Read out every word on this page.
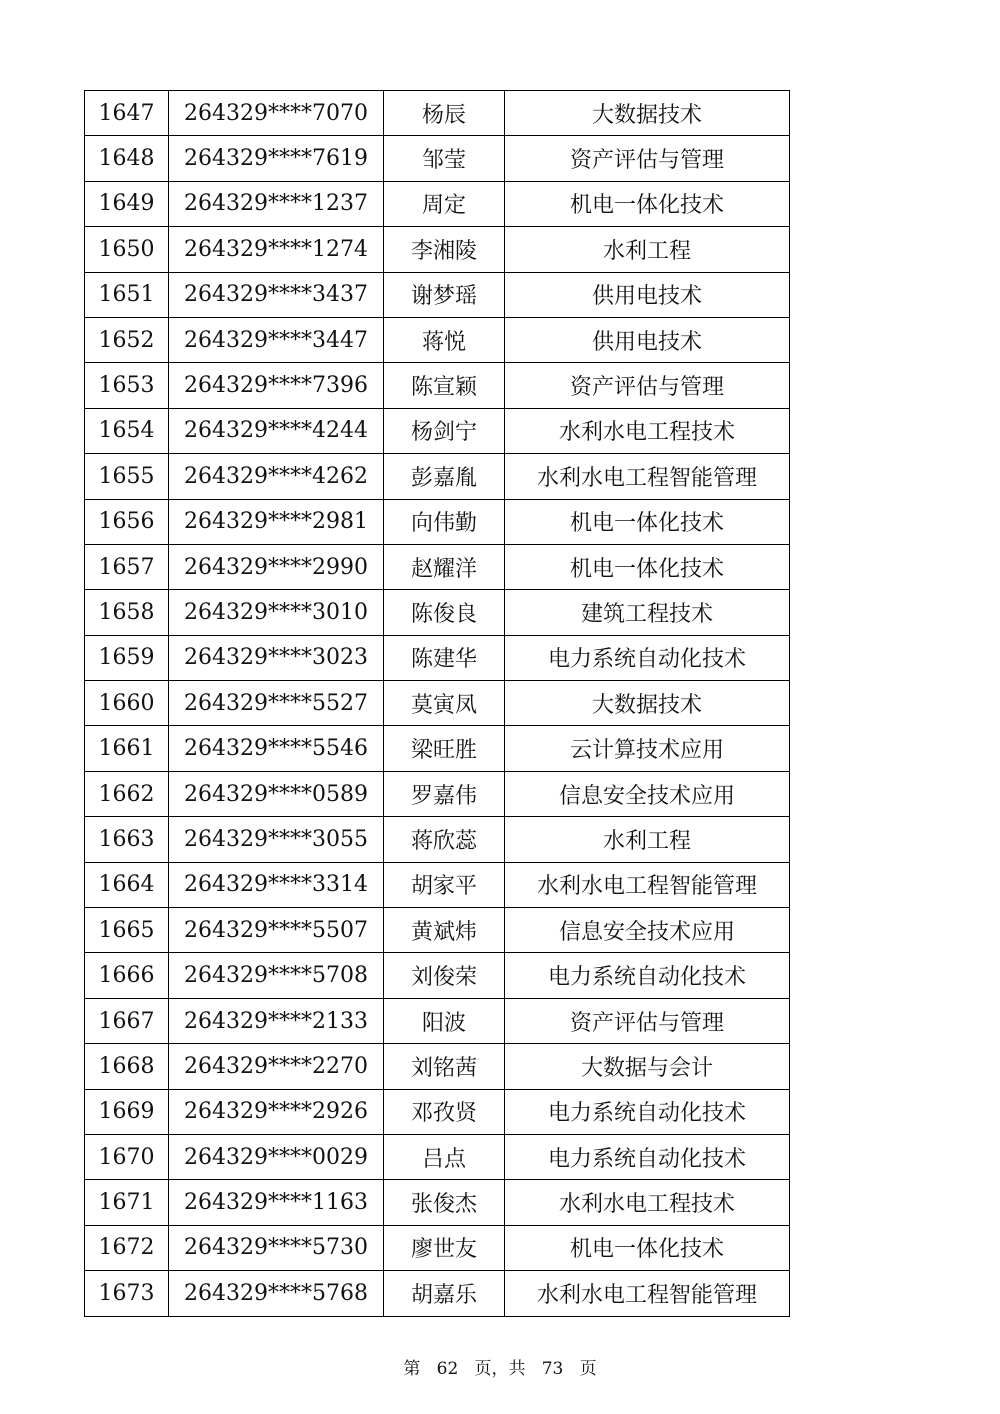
1647	264329****7070	杨辰	大数据技术
1648	264329****7619	邹莹	资产评估与管理
1649	264329****1237	周定	机电一体化技术
1650	264329****1274	李湘陵	水利工程
1651	264329****3437	谢梦瑶	供用电技术
1652	264329****3447	蒋悦	供用电技术
1653	264329****7396	陈宣颖	资产评估与管理
1654	264329****4244	杨剑宁	水利水电工程技术
1655	264329****4262	彭嘉胤	水利水电工程智能管理
1656	264329****2981	向伟勤	机电一体化技术
1657	264329****2990	赵耀洋	机电一体化技术
1658	264329****3010	陈俊良	建筑工程技术
1659	264329****3023	陈建华	电力系统自动化技术
1660	264329****5527	莫寅凤	大数据技术
1661	264329****5546	梁旺胜	云计算技术应用
1662	264329****0589	罗嘉伟	信息安全技术应用
1663	264329****3055	蒋欣蕊	水利工程
1664	264329****3314	胡家平	水利水电工程智能管理
1665	264329****5507	黄斌炜	信息安全技术应用
1666	264329****5708	刘俊荣	电力系统自动化技术
1667	264329****2133	阳波	资产评估与管理
1668	264329****2270	刘铭茜	大数据与会计
1669	264329****2926	邓孜贤	电力系统自动化技术
1670	264329****0029	吕点	电力系统自动化技术
1671	264329****1163	张俊杰	水利水电工程技术
1672	264329****5730	廖世友	机电一体化技术
1673	264329****5768	胡嘉乐	水利水电工程智能管理
第 62 页，共 73 页
